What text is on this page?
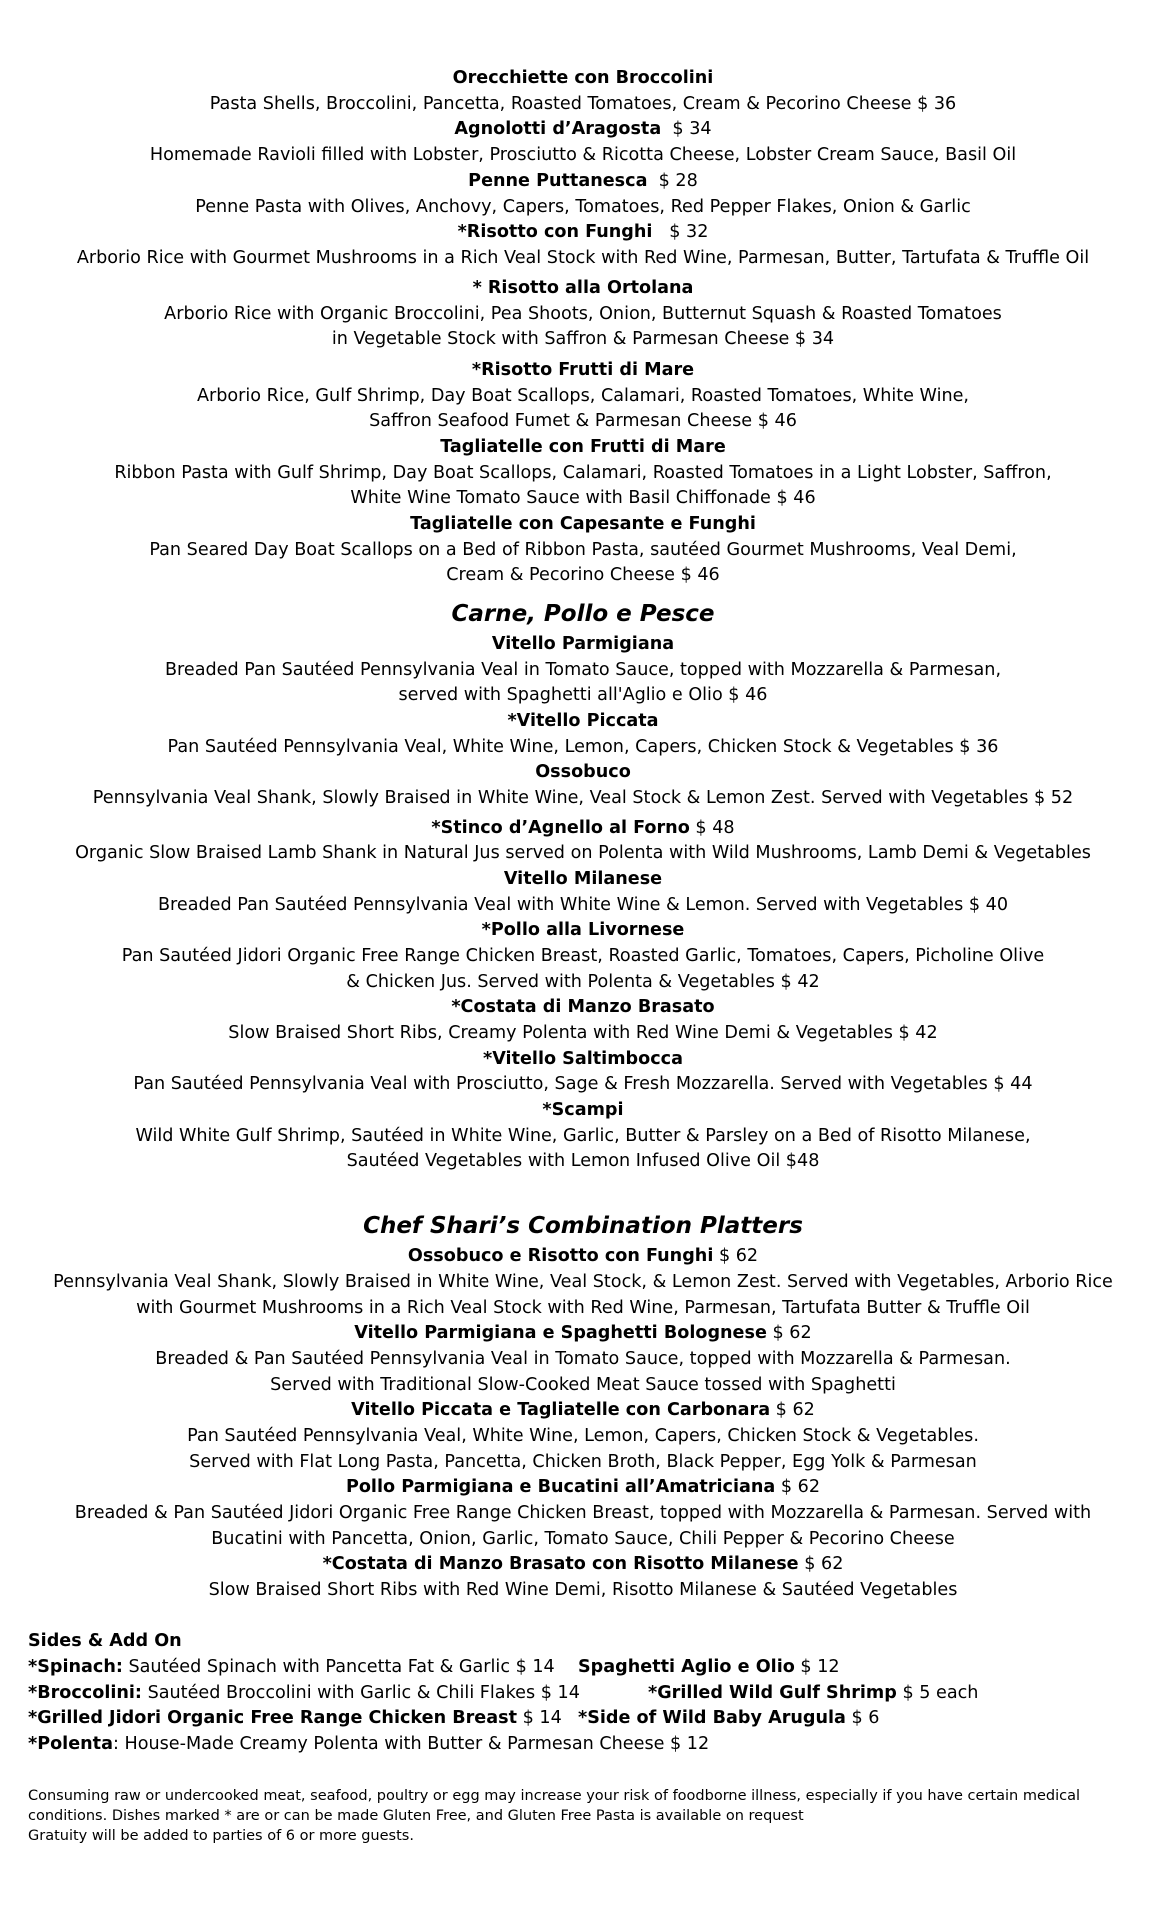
Orecchiette con Broccolini
Pasta Shells, Broccolini, Pancetta, Roasted Tomatoes, Cream & Pecorino Cheese $ 36
Agnolotti d’Aragosta  $ 34
Homemade Ravioli filled with Lobster, Prosciutto & Ricotta Cheese, Lobster Cream Sauce, Basil Oil
Penne Puttanesca  $ 28
Penne Pasta with Olives, Anchovy, Capers, Tomatoes, Red Pepper Flakes, Onion & Garlic
*Risotto con Funghi   $ 32
Arborio Rice with Gourmet Mushrooms in a Rich Veal Stock with Red Wine, Parmesan, Butter, Tartufata & Truffle Oil
* Risotto alla Ortolana
Arborio Rice with Organic Broccolini, Pea Shoots, Onion, Butternut Squash & Roasted Tomatoes
in Vegetable Stock with Saffron & Parmesan Cheese $ 34
*Risotto Frutti di Mare
Arborio Rice, Gulf Shrimp, Day Boat Scallops, Calamari, Roasted Tomatoes, White Wine,
Saffron Seafood Fumet & Parmesan Cheese $ 46
Tagliatelle con Frutti di Mare
Ribbon Pasta with Gulf Shrimp, Day Boat Scallops, Calamari, Roasted Tomatoes in a Light Lobster, Saffron,
White Wine Tomato Sauce with Basil Chiffonade $ 46
Tagliatelle con Capesante e Funghi
Pan Seared Day Boat Scallops on a Bed of Ribbon Pasta, sautéed Gourmet Mushrooms, Veal Demi,
Cream & Pecorino Cheese $ 46
Carne, Pollo e Pesce
Vitello Parmigiana
Breaded Pan Sautéed Pennsylvania Veal in Tomato Sauce, topped with Mozzarella & Parmesan,
served with Spaghetti all'Aglio e Olio $ 46
*Vitello Piccata
Pan Sautéed Pennsylvania Veal, White Wine, Lemon, Capers, Chicken Stock & Vegetables $ 36
Ossobuco
Pennsylvania Veal Shank, Slowly Braised in White Wine, Veal Stock & Lemon Zest. Served with Vegetables $ 52
*Stinco d’Agnello al Forno $ 48
Organic Slow Braised Lamb Shank in Natural Jus served on Polenta with Wild Mushrooms, Lamb Demi & Vegetables
Vitello Milanese
Breaded Pan Sautéed Pennsylvania Veal with White Wine & Lemon. Served with Vegetables $ 40
*Pollo alla Livornese
Pan Sautéed Jidori Organic Free Range Chicken Breast, Roasted Garlic, Tomatoes, Capers, Picholine Olive
& Chicken Jus. Served with Polenta & Vegetables $ 42
*Costata di Manzo Brasato
Slow Braised Short Ribs, Creamy Polenta with Red Wine Demi & Vegetables $ 42
*Vitello Saltimbocca
Pan Sautéed Pennsylvania Veal with Prosciutto, Sage & Fresh Mozzarella. Served with Vegetables $ 44
*Scampi
Wild White Gulf Shrimp, Sautéed in White Wine, Garlic, Butter & Parsley on a Bed of Risotto Milanese,
Sautéed Vegetables with Lemon Infused Olive Oil $48
Chef Shari’s Combination Platters
Ossobuco e Risotto con Funghi $ 62
Pennsylvania Veal Shank, Slowly Braised in White Wine, Veal Stock, & Lemon Zest. Served with Vegetables, Arborio Rice
with Gourmet Mushrooms in a Rich Veal Stock with Red Wine, Parmesan, Tartufata Butter & Truffle Oil
Vitello Parmigiana e Spaghetti Bolognese $ 62
Breaded & Pan Sautéed Pennsylvania Veal in Tomato Sauce, topped with Mozzarella & Parmesan.
Served with Traditional Slow-Cooked Meat Sauce tossed with Spaghetti
Vitello Piccata e Tagliatelle con Carbonara $ 62
Pan Sautéed Pennsylvania Veal, White Wine, Lemon, Capers, Chicken Stock & Vegetables.
Served with Flat Long Pasta, Pancetta, Chicken Broth, Black Pepper, Egg Yolk & Parmesan
Pollo Parmigiana e Bucatini all’Amatriciana $ 62
Breaded & Pan Sautéed Jidori Organic Free Range Chicken Breast, topped with Mozzarella & Parmesan. Served with
Bucatini with Pancetta, Onion, Garlic, Tomato Sauce, Chili Pepper & Pecorino Cheese
*Costata di Manzo Brasato con Risotto Milanese $ 62
Slow Braised Short Ribs with Red Wine Demi, Risotto Milanese & Sautéed Vegetables
Sides & Add On
*Spinach: Sautéed Spinach with Pancetta Fat & Garlic $ 14	Spaghetti Aglio e Olio $ 12
*Broccolini: Sautéed Broccolini with Garlic & Chili Flakes $ 14	*Grilled Wild Gulf Shrimp $ 5 each
*Grilled Jidori Organic Free Range Chicken Breast $ 14 *Side of Wild Baby Arugula $ 6
*Polenta: House-Made Creamy Polenta with Butter & Parmesan Cheese $ 12
Consuming raw or undercooked meat, seafood, poultry or egg may increase your risk of foodborne illness, especially if you have certain medical
conditions. Dishes marked * are or can be made Gluten Free, and Gluten Free Pasta is available on request
Gratuity will be added to parties of 6 or more guests.
